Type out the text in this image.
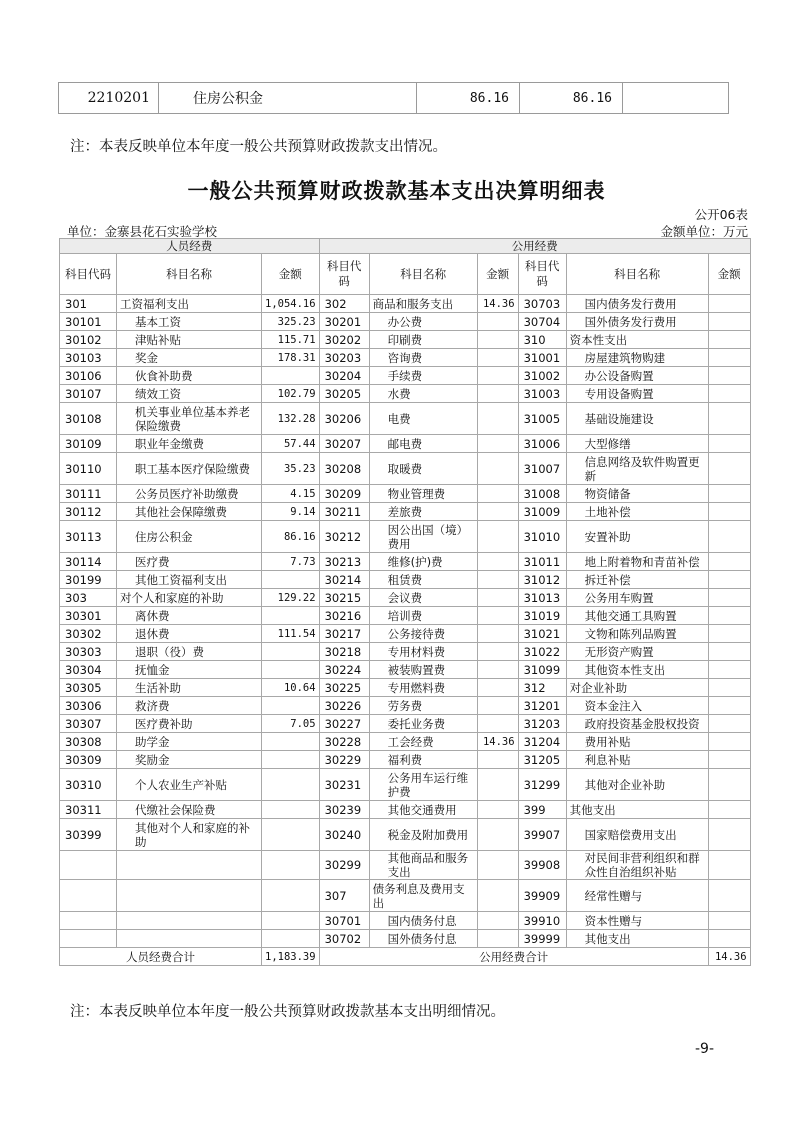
2210201	住房公积金	86.16	86.16	
注：本表反映单位本年度一般公共预算财政拨款支出情况。
一般公共预算财政拨款基本支出决算明细表
公开06表
单位：金寨县花石实验学校	金额单位：万元
人员经费			公用经费					
科目代码	科目名称	金额	科目代码	科目名称	金额	科目代码	科目名称	金额
301	工资福利支出	1,054.16	302	商品和服务支出	14.36	30703	国内债务发行费用	
30101	基本工资	325.23	30201	办公费		30704	国外债务发行费用	
30102	津贴补贴	115.71	30202	印刷费		310	资本性支出	
30103	奖金	178.31	30203	咨询费		31001	房屋建筑物购建	
30106	伙食补助费		30204	手续费		31002	办公设备购置	
30107	绩效工资	102.79	30205	水费		31003	专用设备购置	
30108	机关事业单位基本养老保险缴费	132.28	30206	电费		31005	基础设施建设	
30109	职业年金缴费	57.44	30207	邮电费		31006	大型修缮	
30110	职工基本医疗保险缴费	35.23	30208	取暖费		31007	信息网络及软件购置更新	
30111	公务员医疗补助缴费	4.15	30209	物业管理费		31008	物资储备	
30112	其他社会保障缴费	9.14	30211	差旅费		31009	土地补偿	
30113	住房公积金	86.16	30212	因公出国（境）费用		31010	安置补助	
30114	医疗费	7.73	30213	维修(护)费		31011	地上附着物和青苗补偿	
30199	其他工资福利支出		30214	租赁费		31012	拆迁补偿	
303	对个人和家庭的补助	129.22	30215	会议费		31013	公务用车购置	
30301	离休费		30216	培训费		31019	其他交通工具购置	
30302	退休费	111.54	30217	公务接待费		31021	文物和陈列品购置	
30303	退职（役）费		30218	专用材料费		31022	无形资产购置	
30304	抚恤金		30224	被装购置费		31099	其他资本性支出	
30305	生活补助	10.64	30225	专用燃料费		312	对企业补助	
30306	救济费		30226	劳务费		31201	资本金注入	
30307	医疗费补助	7.05	30227	委托业务费		31203	政府投资基金股权投资	
30308	助学金		30228	工会经费	14.36	31204	费用补贴	
30309	奖励金		30229	福利费		31205	利息补贴	
30310	个人农业生产补贴		30231	公务用车运行维护费		31299	其他对企业补助	
30311	代缴社会保险费		30239	其他交通费用		399	其他支出	
30399	其他对个人和家庭的补助		30240	税金及附加费用		39907	国家赔偿费用支出	
			30299	其他商品和服务支出		39908	对民间非营利组织和群众性自治组织补贴	
			307	债务利息及费用支出		39909	经常性赠与	
			30701	国内债务付息		39910	资本性赠与	
			30702	国外债务付息		39999	其他支出	
人员经费合计		1,183.39	公用经费合计					14.36
注：本表反映单位本年度一般公共预算财政拨款基本支出明细情况。
-9-
